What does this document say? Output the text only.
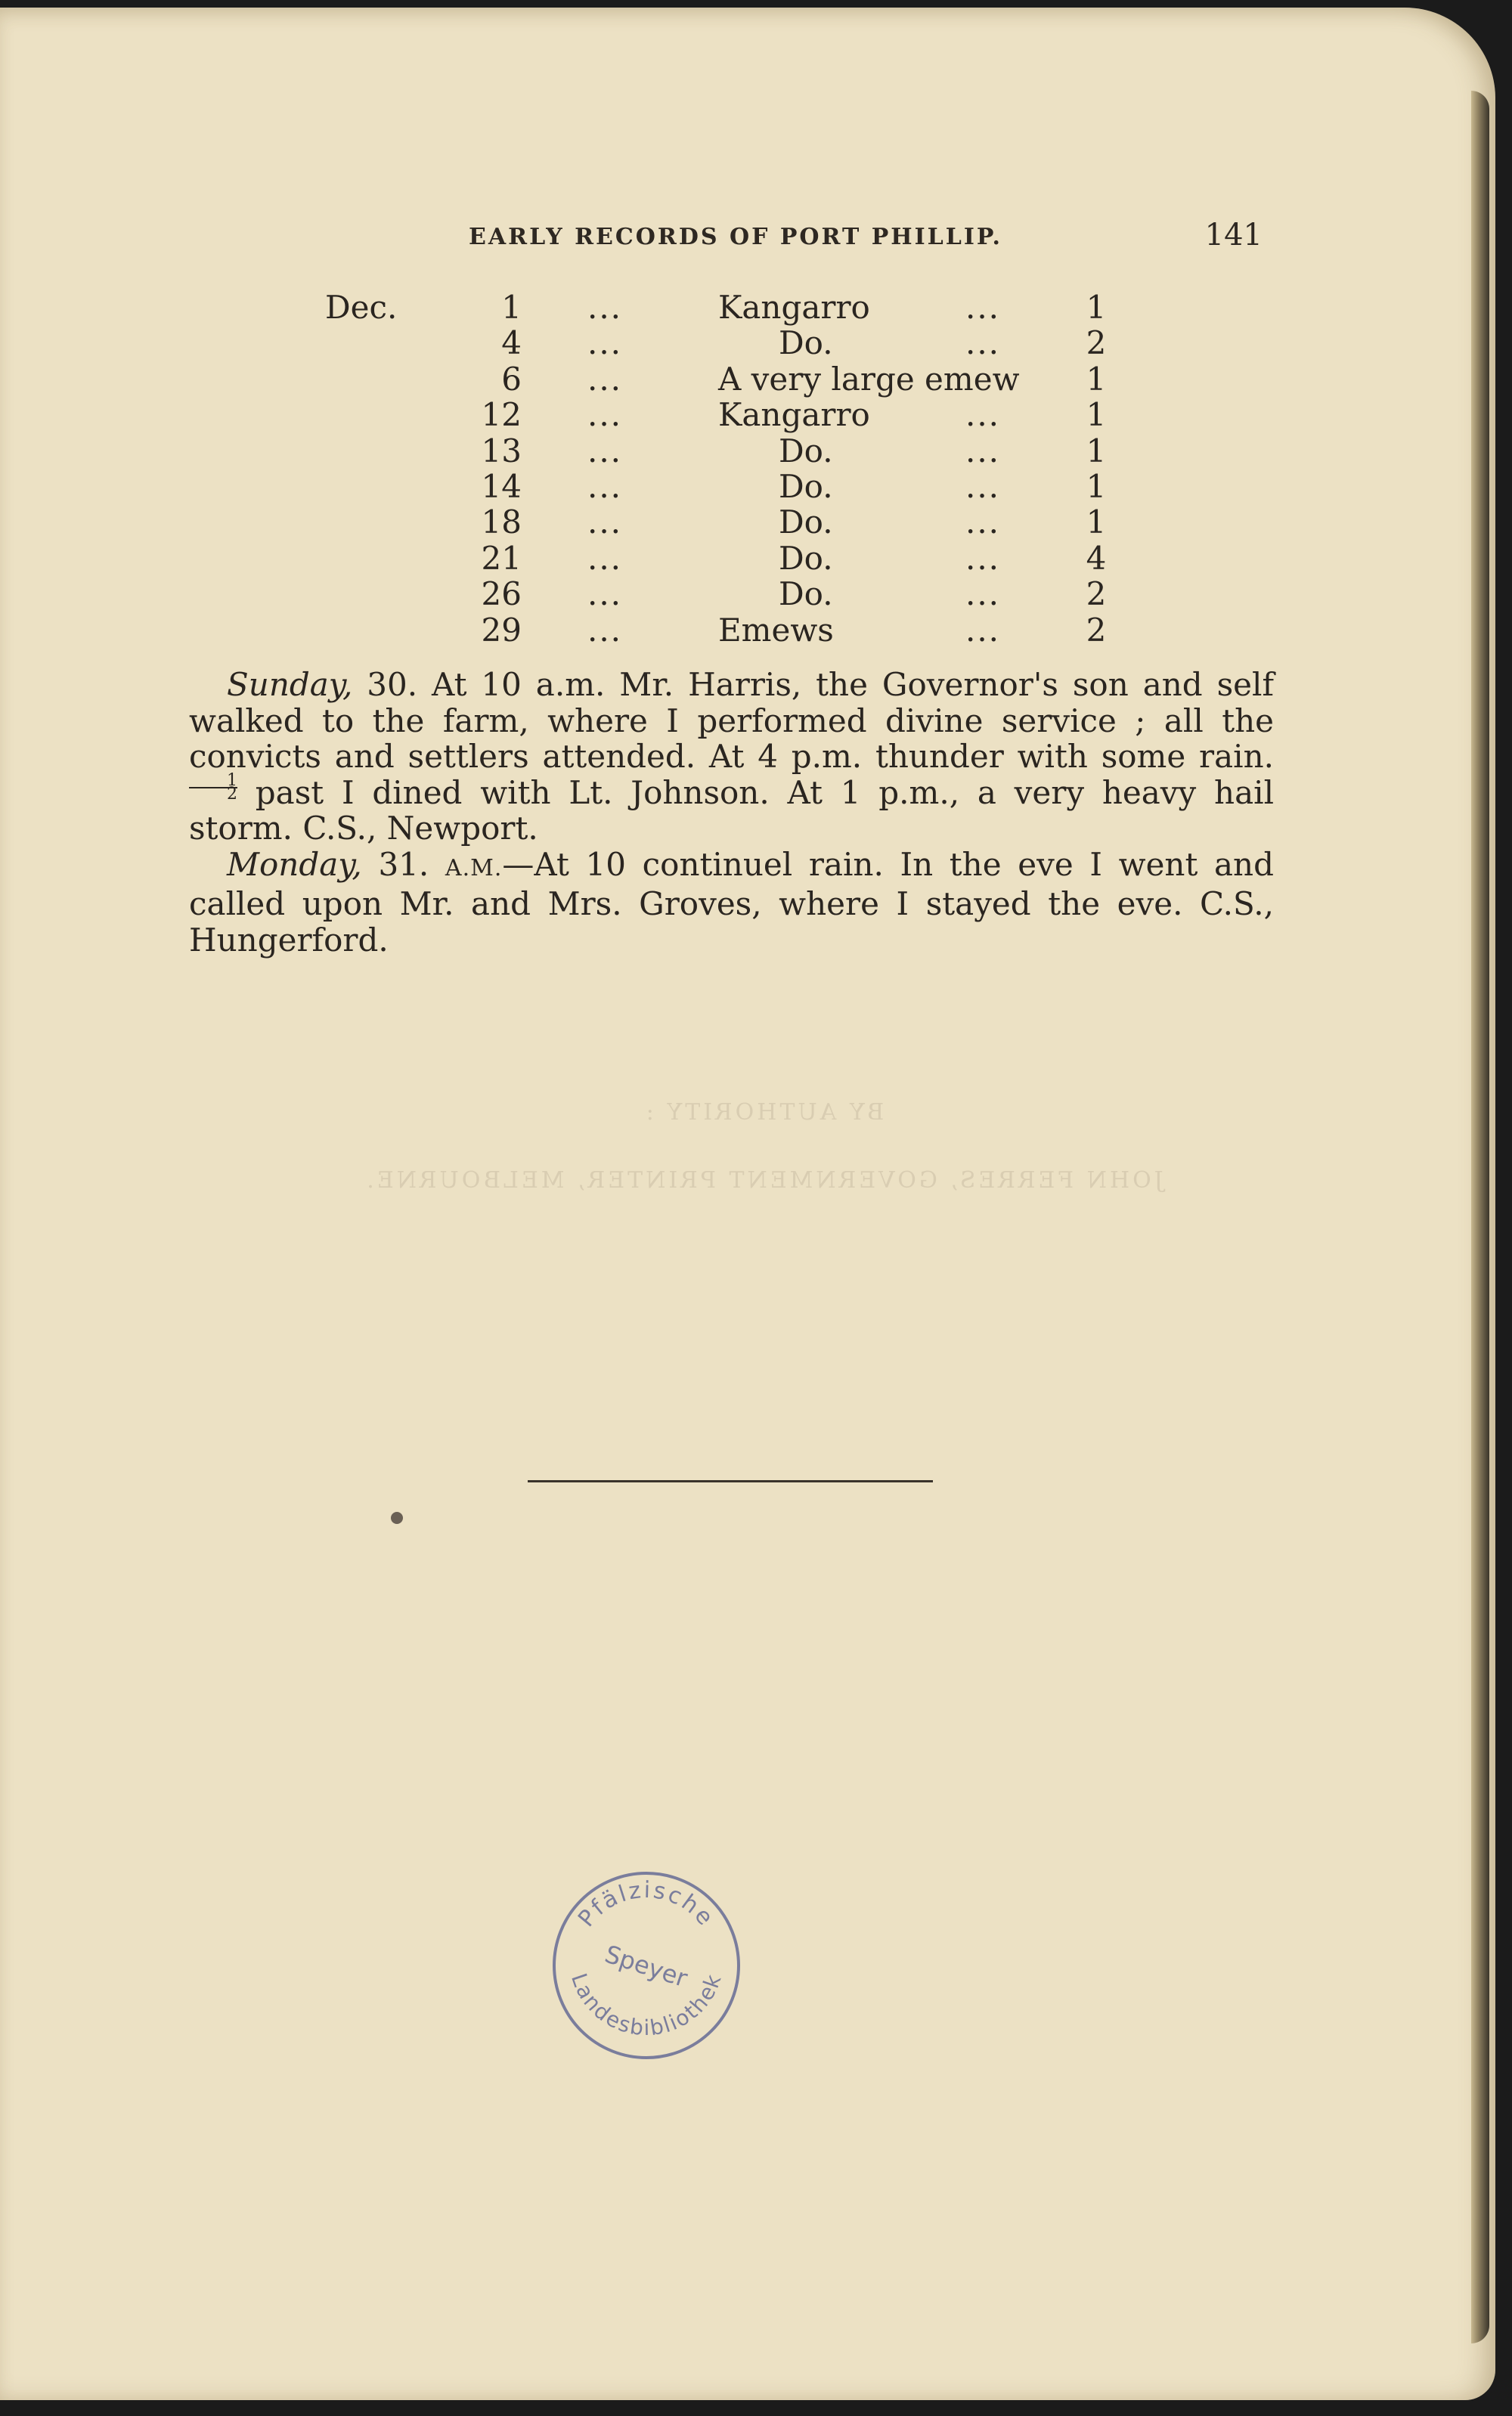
EARLY RECORDS OF PORT PHILLIP.	141
Dec.	1	...	Kangarro	...	1
4	...	Do.	...	2
6	...	A very large emew	1
12	...	Kangarro	...	1
13	...	Do.	...	1
14	...	Do.	...	1
18	...	Do.	...	1
21	...	Do.	...	4
26	...	Do.	...	2
29	...	Emews	...	2

Sunday, 30. At 10 a.m. Mr. Harris, the Governor's son and self walked to the farm, where I performed divine service ; all the convicts and settlers attended. At 4 p.m. thunder with some rain.
$\frac{1}{2}$ past I dined with Lt. Johnson. At 1 p.m., a very heavy hail storm. C.S., Newport.

Monday, 31. A.M.—At 10 continuel rain. In the eve I went and called upon Mr. and Mrs. Groves, where I stayed the eve. C.S., Hungerford.

BY AUTHORITY :
JOHN FERRES, GOVERNMENT PRINTER, MELBOURNE.
Pfälzische
Speyer
Landesbibliothek
